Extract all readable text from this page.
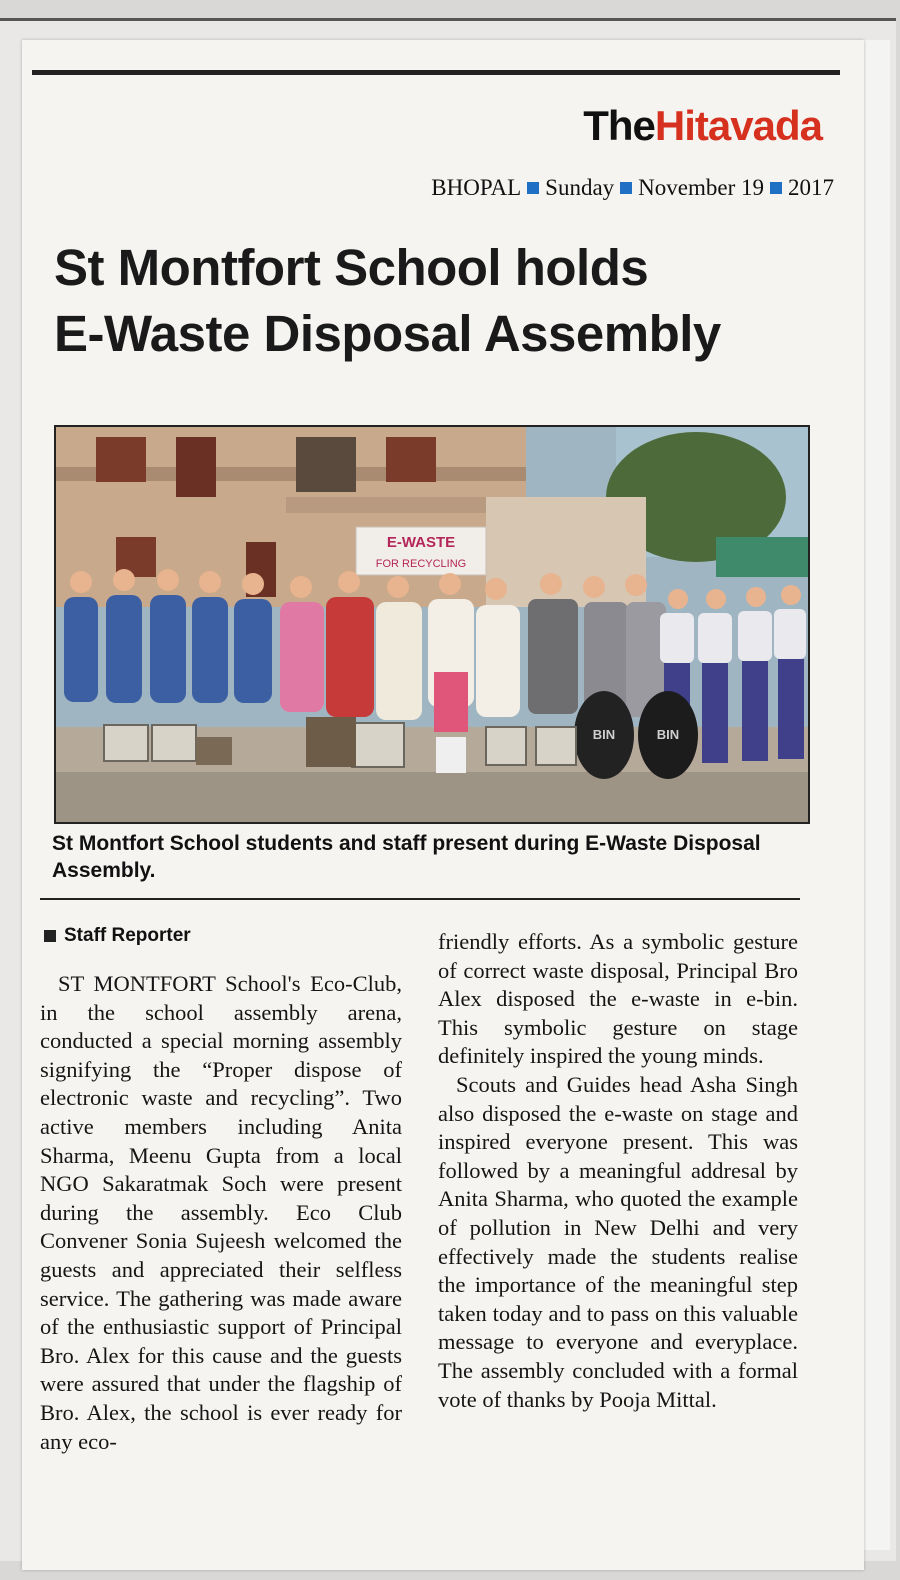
TheHitavada
BHOPAL Sunday November 19 2017
St Montfort School holds
E-Waste Disposal Assembly
E-WASTE
FOR RECYCLING
BIN	BIN
St Montfort School students and staff present during E-Waste Disposal Assembly.
Staff Reporter
ST MONTFORT School's Eco-Club, in the school assembly arena, conducted a special morning assembly signifying the “Proper dispose of electronic waste and recycling”. Two active members including Anita Sharma, Meenu Gupta from a local NGO Sakaratmak Soch were present during the assembly. Eco Club Convener Sonia Sujeesh welcomed the guests and appreciated their selfless service. The gathering was made aware of the enthusiastic support of Principal Bro. Alex for this cause and the guests were assured that under the flagship of Bro. Alex, the school is ever ready for any eco-

friendly efforts. As a symbolic gesture of correct waste disposal, Principal Bro Alex disposed the e-waste in e-bin. This symbolic gesture on stage definitely inspired the young minds.

Scouts and Guides head Asha Singh also disposed the e-waste on stage and inspired everyone present. This was followed by a meaningful addresal by Anita Sharma, who quoted the example of pollution in New Delhi and very effectively made the students realise the importance of the meaningful step taken today and to pass on this valuable message to everyone and everyplace. The assembly concluded with a formal vote of thanks by Pooja Mittal.
